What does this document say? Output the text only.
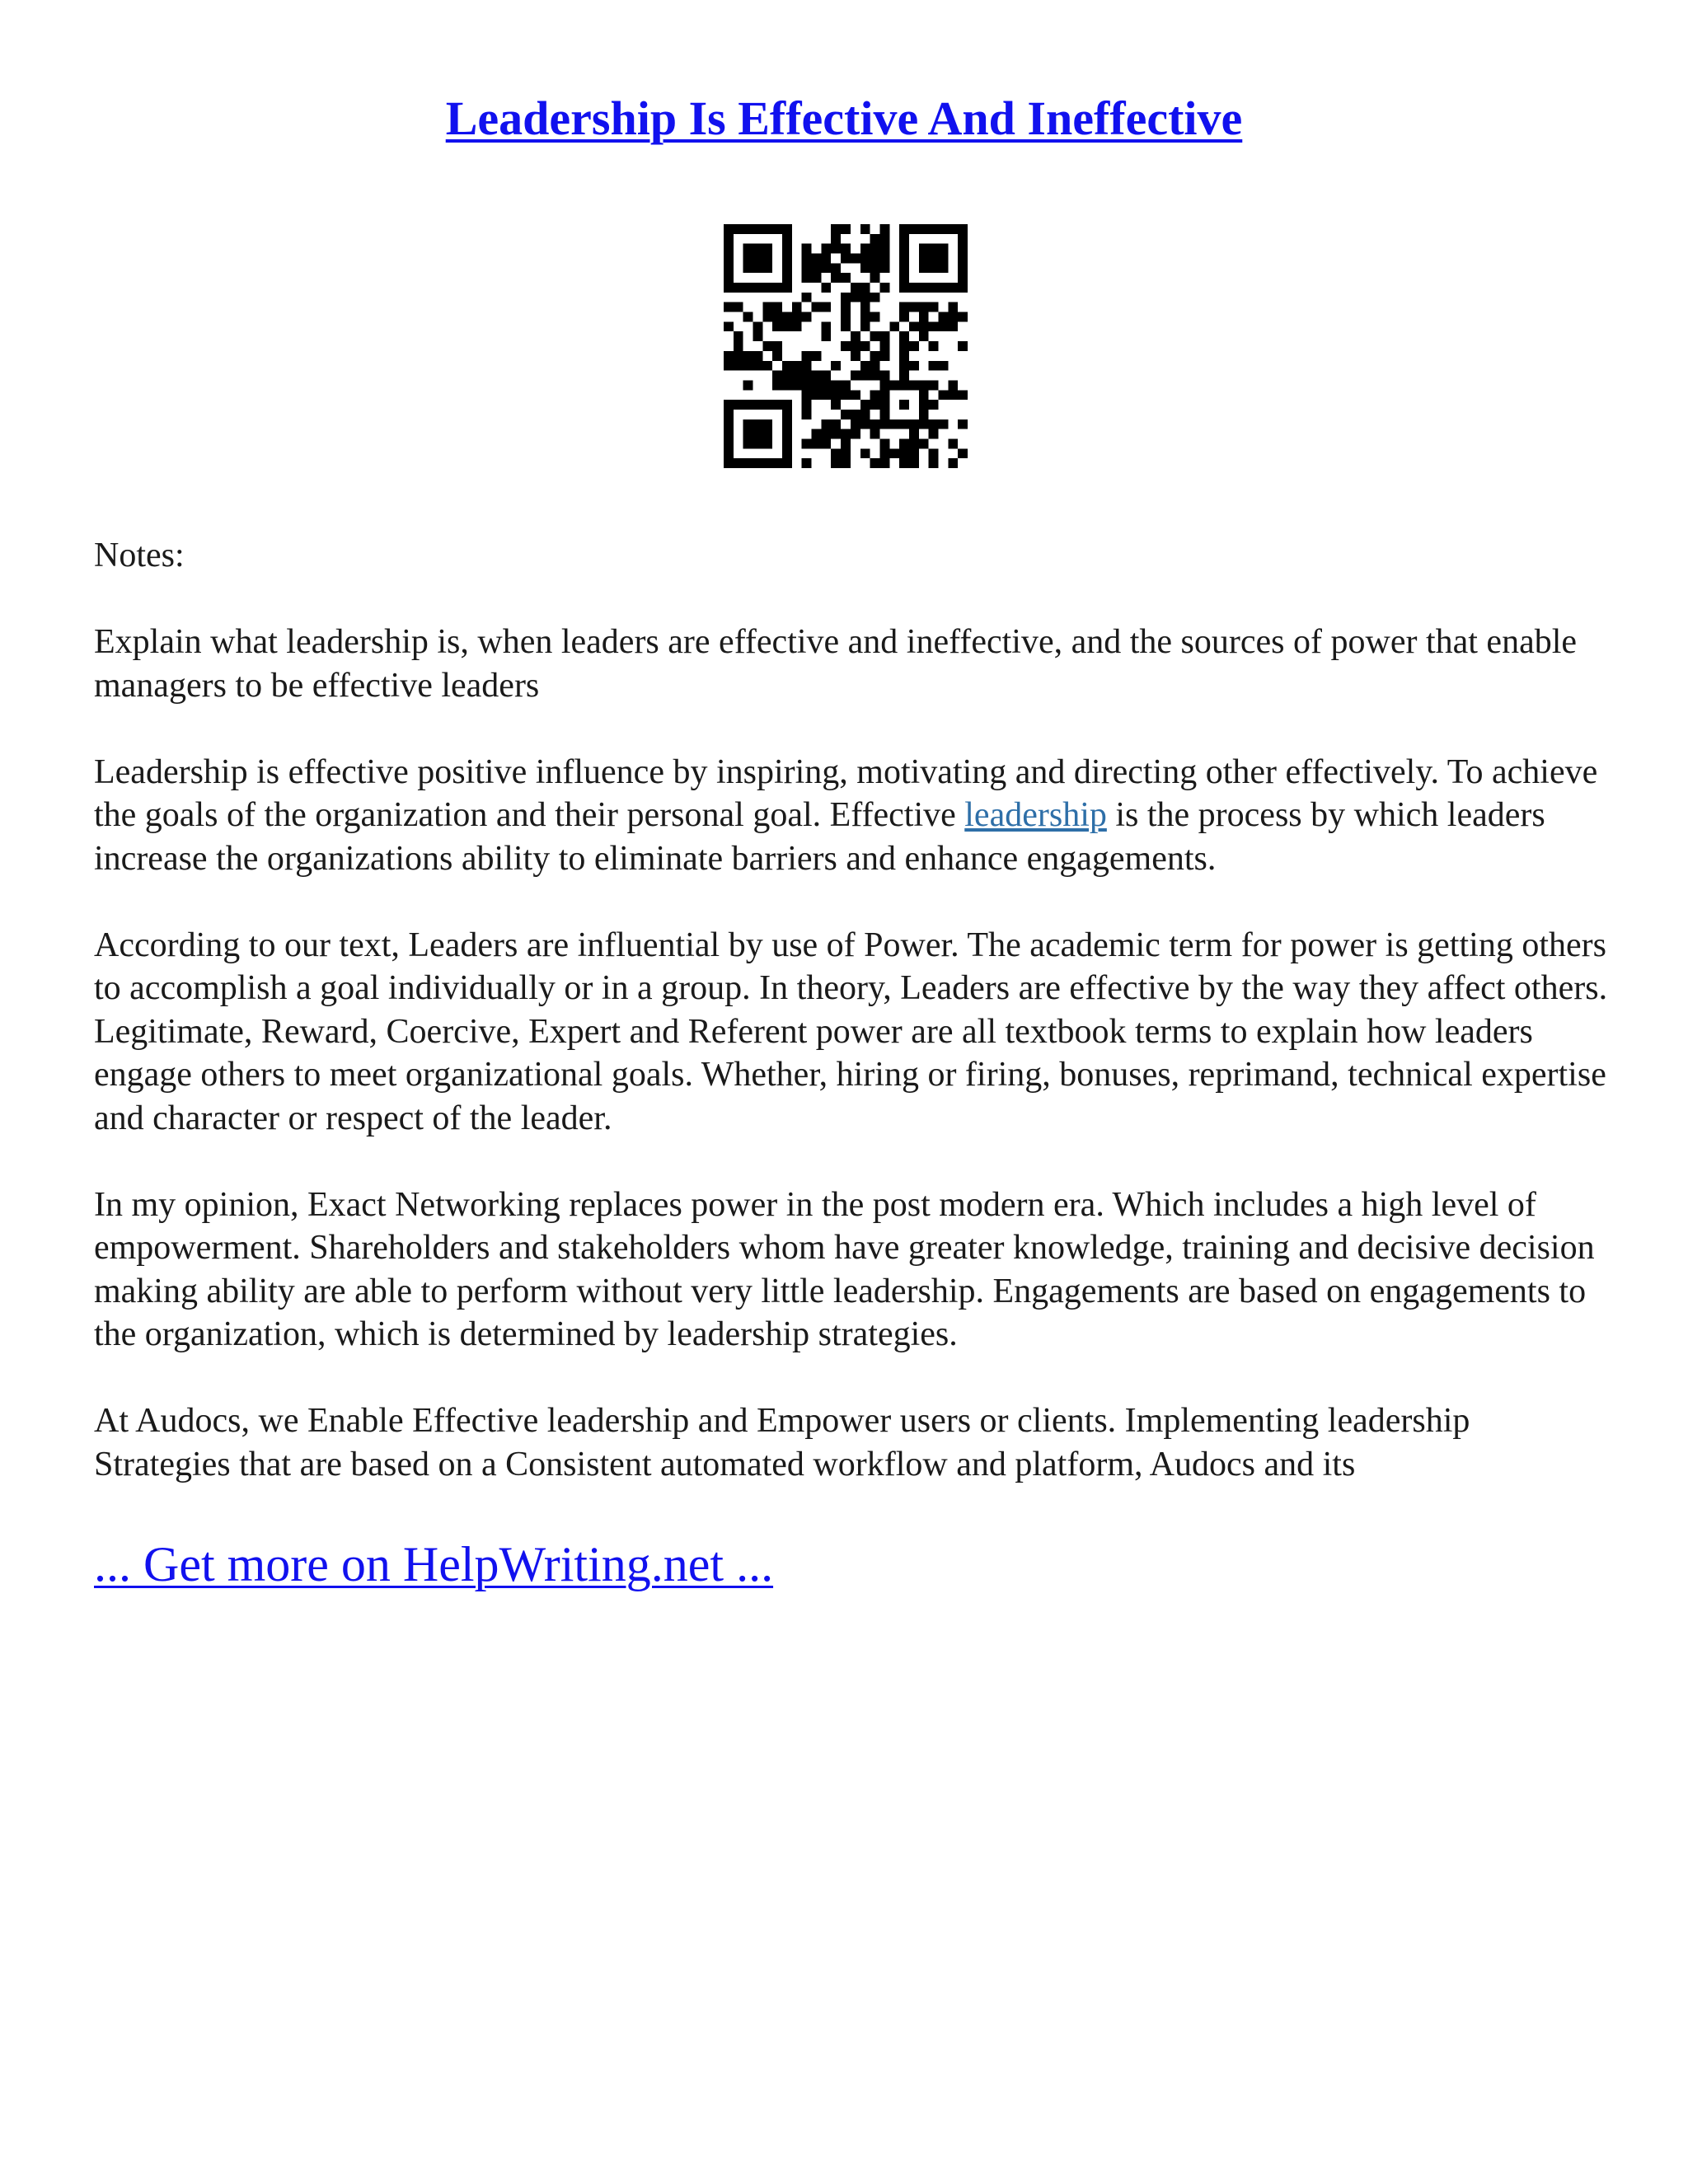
Leadership Is Effective And Ineffective

Notes:

Explain what leadership is, when leaders are effective and ineffective, and the sources of power that enable managers to be effective leaders

Leadership is effective positive influence by inspiring, motivating and directing other effectively. To achieve the goals of the organization and their personal goal. Effective leadership is the process by which leaders increase the organizations ability to eliminate barriers and enhance engagements.

According to our text, Leaders are influential by use of Power. The academic term for power is getting others to accomplish a goal individually or in a group. In theory, Leaders are effective by the way they affect others. Legitimate, Reward, Coercive, Expert and Referent power are all textbook terms to explain how leaders engage others to meet organizational goals. Whether, hiring or firing, bonuses, reprimand, technical expertise and character or respect of the leader.

In my opinion, Exact Networking replaces power in the post modern era. Which includes a high level of empowerment. Shareholders and stakeholders whom have greater knowledge, training and decisive decision making ability are able to perform without very little leadership. Engagements are based on engagements to the organization, which is determined by leadership strategies.

At Audocs, we Enable Effective leadership and Empower users or clients. Implementing leadership Strategies that are based on a Consistent automated workflow and platform, Audocs and its

... Get more on HelpWriting.net ...
